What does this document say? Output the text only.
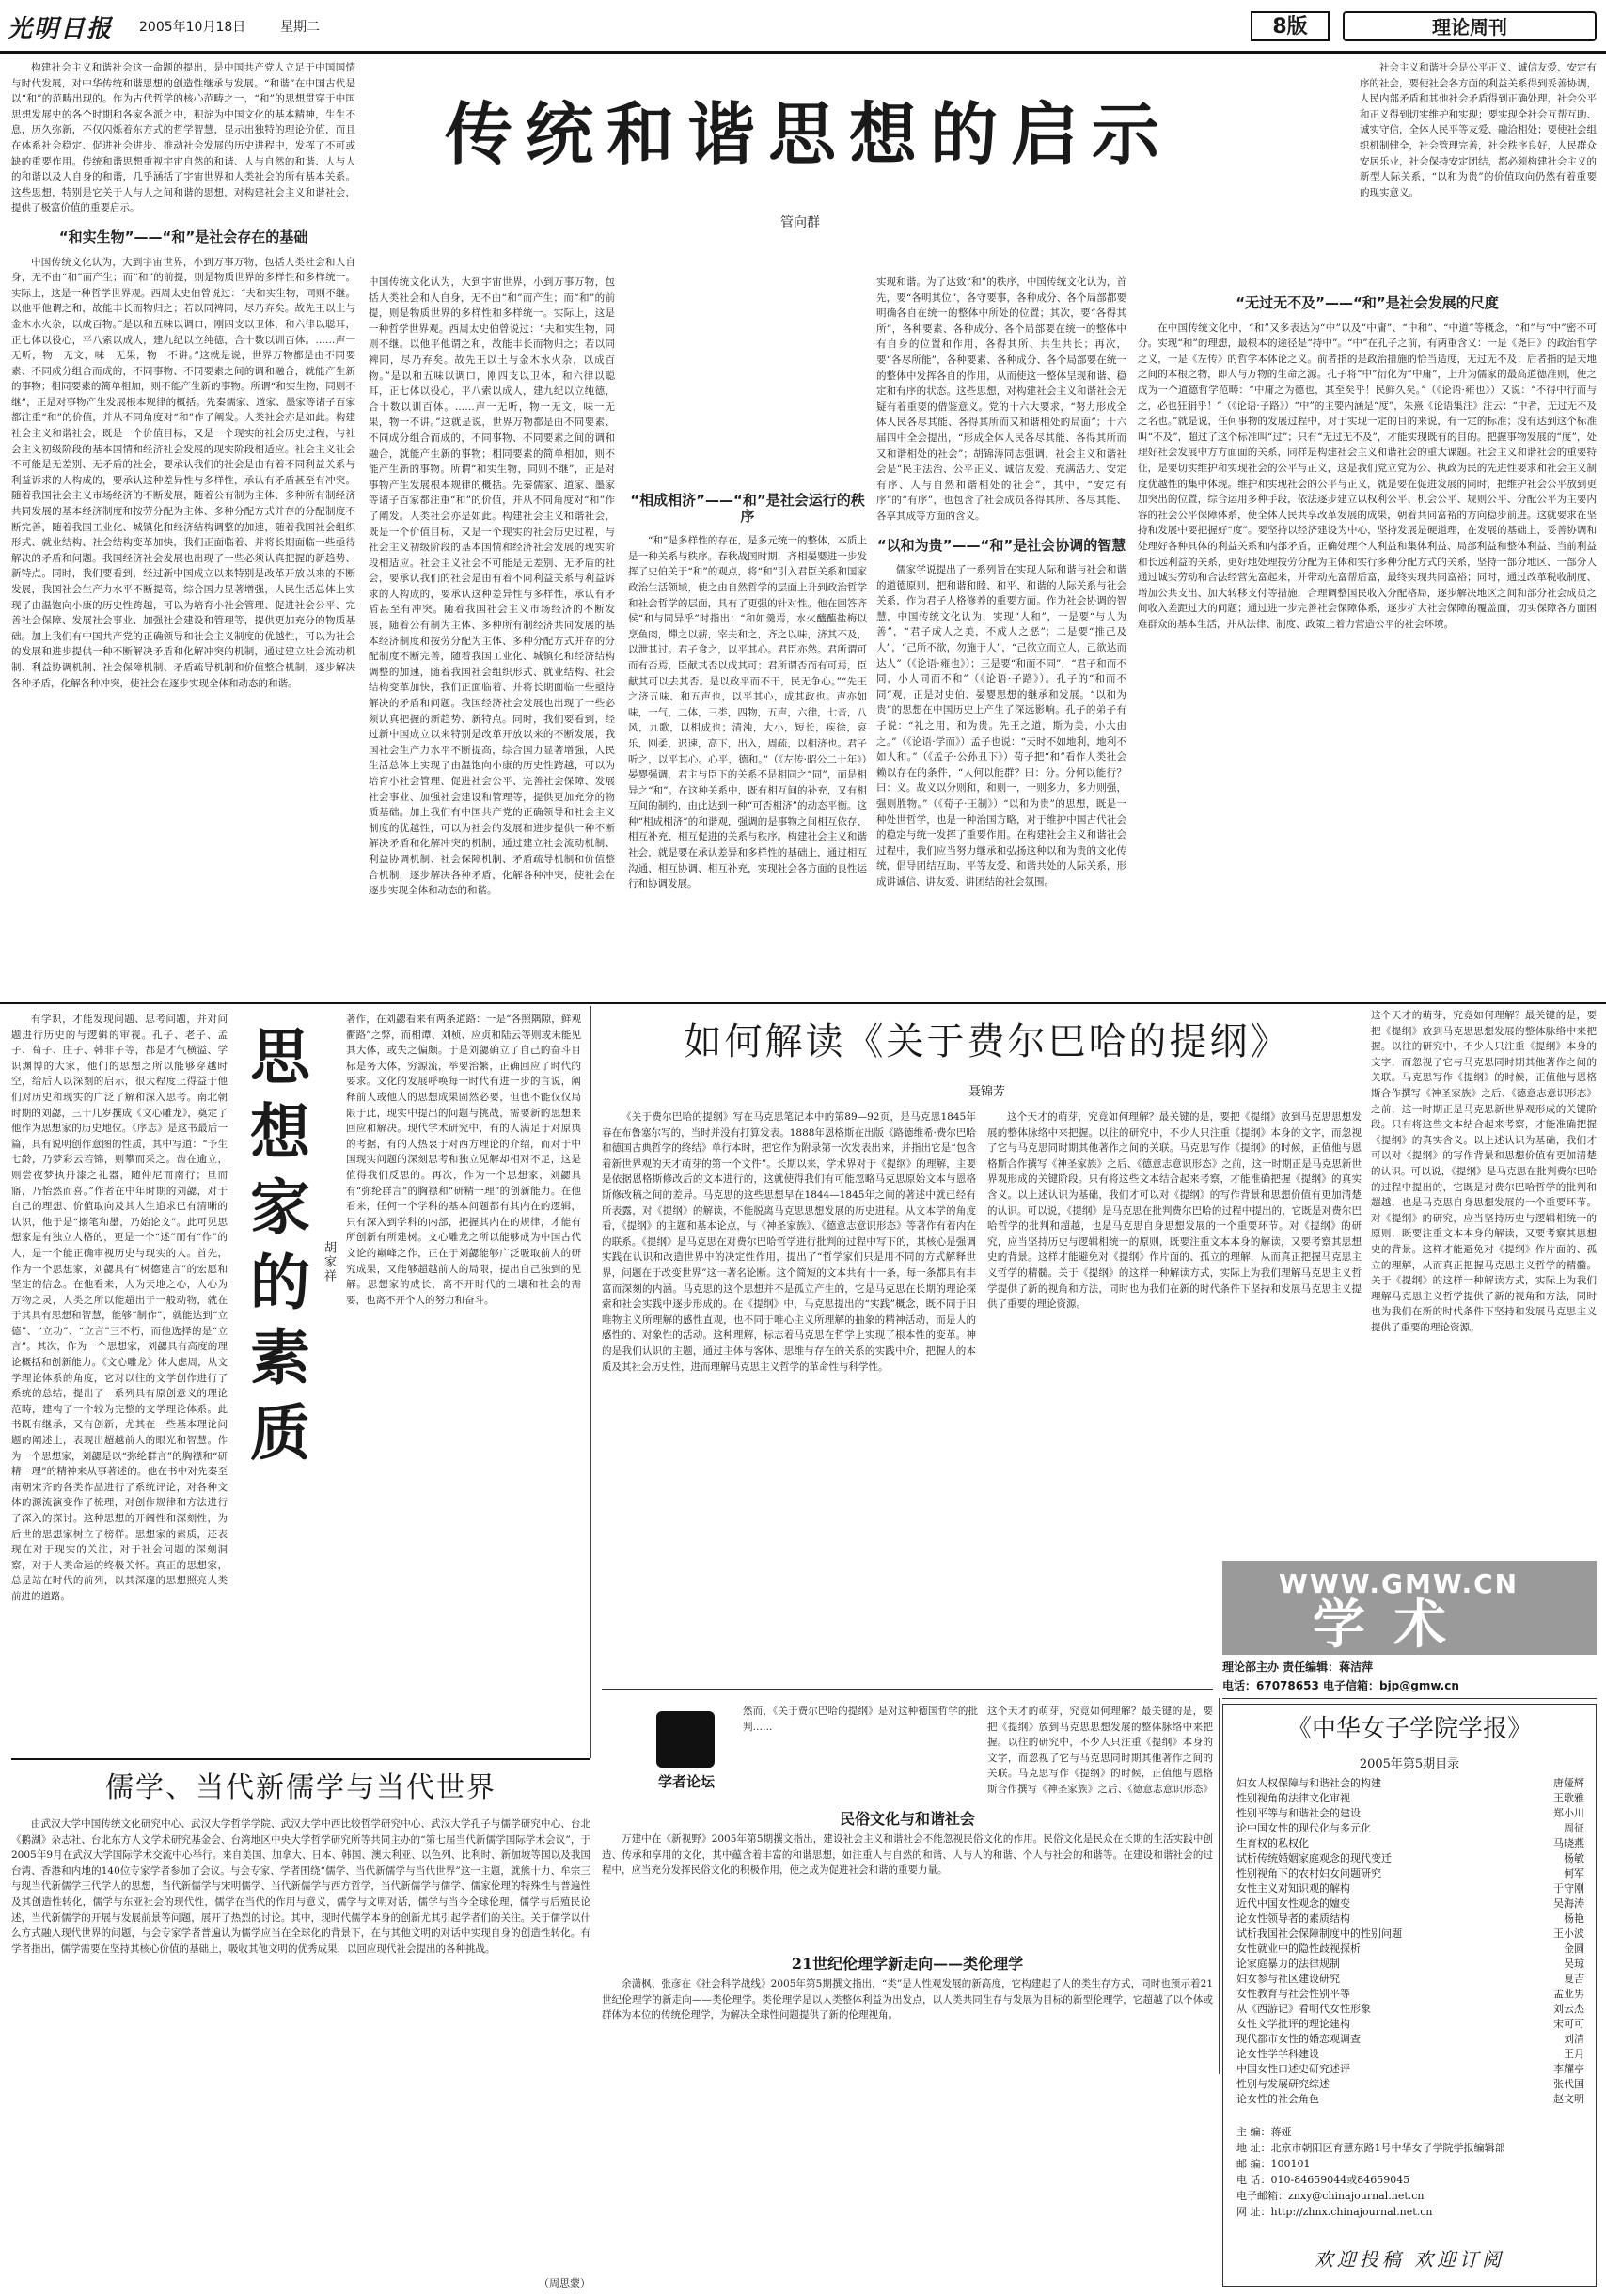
光明日报 2005年10月18日	星期二	8版	理论周刊
传统和谐思想的启示
管向群

构建社会主义和谐社会这一命题的提出，是中国共产党人立足于中国国情与时代发展，对中华传统和谐思想的创造性继承与发展。“和谐”在中国古代是以“和”的范畴出现的。作为古代哲学的核心范畴之一，“和”的思想贯穿于中国思想发展史的各个时期和各家各派之中，积淀为中国文化的基本精神，生生不息，历久弥新，不仅闪烁着东方式的哲学智慧，显示出独特的理论价值，而且在体系社会稳定、促进社会进步、推动社会发展的历史进程中，发挥了不可或缺的重要作用。传统和谐思想重视宇宙自然的和谐、人与自然的和谐、人与人的和谐以及人自身的和谐，几乎涵括了宇宙世界和人类社会的所有基本关系。这些思想，特别是它关于人与人之间和谐的思想，对构建社会主义和谐社会，提供了极富价值的重要启示。

“和实生物”——“和”是社会存在的基础

中国传统文化认为，大到宇宙世界，小到万事万物，包括人类社会和人自身，无不由“和”而产生；而“和”的前提，则是物质世界的多样性和多样统一。实际上，这是一种哲学世界观。西周太史伯曾说过：“夫和实生物，同则不继。以他平他谓之和，故能丰长而物归之；若以同裨同，尽乃弃矣。故先王以土与金木水火杂，以成百物。”是以和五味以调口，刚四支以卫体，和六律以聪耳，正七体以役心，平八索以成人，建九纪以立纯德，合十数以训百体。……声一无听，物一无文，味一无果，物一不讲。”这就是说，世界万物都是由不同要素、不同成分组合而成的，不同事物、不同要素之间的调和融合，就能产生新的事物；相同要素的简单相加，则不能产生新的事物。所谓“和实生物，同则不继”，正是对事物产生发展根本规律的概括。先秦儒家、道家、墨家等诸子百家都注重“和”的价值，并从不同角度对“和”作了阐发。人类社会亦是如此。构建社会主义和谐社会，既是一个价值目标，又是一个现实的社会历史过程，与社会主义初级阶段的基本国情和经济社会发展的现实阶段相适应。社会主义社会不可能是无差别、无矛盾的社会，要承认我们的社会是由有着不同利益关系与利益诉求的人构成的，要承认这种差异性与多样性，承认有矛盾甚至有冲突。随着我国社会主义市场经济的不断发展，随着公有制为主体、多种所有制经济共同发展的基本经济制度和按劳分配为主体、多种分配方式并存的分配制度不断完善，随着我国工业化、城镇化和经济结构调整的加速，随着我国社会组织形式、就业结构、社会结构变革加快，我们正面临着、并将长期面临一些亟待解决的矛盾和问题。我国经济社会发展也出现了一些必须认真把握的新趋势、新特点。同时，我们要看到，经过新中国成立以来特别是改革开放以来的不断发展，我国社会生产力水平不断提高，综合国力显著增强，人民生活总体上实现了由温饱向小康的历史性跨越，可以为培育小社会管理、促进社会公平、完善社会保障、发展社会事业、加强社会建设和管理等，提供更加充分的物质基础。加上我们有中国共产党的正确领导和社会主义制度的优越性，可以为社会的发展和进步提供一种不断解决矛盾和化解冲突的机制，通过建立社会流动机制、利益协调机制、社会保障机制、矛盾疏导机制和价值整合机制，逐步解决各种矛盾，化解各种冲突，使社会在逐步实现全体和动态的和谐。

中国传统文化认为，大到宇宙世界，小到万事万物，包括人类社会和人自身，无不由“和”而产生；而“和”的前提，则是物质世界的多样性和多样统一。实际上，这是一种哲学世界观。西周太史伯曾说过：“夫和实生物，同则不继。以他平他谓之和，故能丰长而物归之；若以同裨同，尽乃弃矣。故先王以土与金木水火杂，以成百物。”是以和五味以调口，刚四支以卫体，和六律以聪耳，正七体以役心，平八索以成人，建九纪以立纯德，合十数以训百体。……声一无听，物一无文，味一无果，物一不讲。”这就是说，世界万物都是由不同要素、不同成分组合而成的，不同事物、不同要素之间的调和融合，就能产生新的事物；相同要素的简单相加，则不能产生新的事物。所谓“和实生物，同则不继”，正是对事物产生发展根本规律的概括。先秦儒家、道家、墨家等诸子百家都注重“和”的价值，并从不同角度对“和”作了阐发。人类社会亦是如此。构建社会主义和谐社会，既是一个价值目标，又是一个现实的社会历史过程，与社会主义初级阶段的基本国情和经济社会发展的现实阶段相适应。社会主义社会不可能是无差别、无矛盾的社会，要承认我们的社会是由有着不同利益关系与利益诉求的人构成的，要承认这种差异性与多样性，承认有矛盾甚至有冲突。随着我国社会主义市场经济的不断发展，随着公有制为主体、多种所有制经济共同发展的基本经济制度和按劳分配为主体、多种分配方式并存的分配制度不断完善，随着我国工业化、城镇化和经济结构调整的加速，随着我国社会组织形式、就业结构、社会结构变革加快，我们正面临着、并将长期面临一些亟待解决的矛盾和问题。我国经济社会发展也出现了一些必须认真把握的新趋势、新特点。同时，我们要看到，经过新中国成立以来特别是改革开放以来的不断发展，我国社会生产力水平不断提高，综合国力显著增强，人民生活总体上实现了由温饱向小康的历史性跨越，可以为培育小社会管理、促进社会公平、完善社会保障、发展社会事业、加强社会建设和管理等，提供更加充分的物质基础。加上我们有中国共产党的正确领导和社会主义制度的优越性，可以为社会的发展和进步提供一种不断解决矛盾和化解冲突的机制，通过建立社会流动机制、利益协调机制、社会保障机制、矛盾疏导机制和价值整合机制，逐步解决各种矛盾，化解各种冲突，使社会在逐步实现全体和动态的和谐。

“相成相济”——“和”是社会运行的秩序

“和”是多样性的存在，是多元统一的整体，本质上是一种关系与秩序。春秋战国时期，齐相晏婴进一步发挥了史伯关于“和”的观点，将“和”引入君臣关系和国家政治生活领域，使之由自然哲学的层面上升到政治哲学和社会哲学的层面，具有了更强的针对性。他在回答齐侯“和与同异乎”时指出：“和如羹焉，水火醯醢盐梅以烹鱼肉，燀之以薪，宰夫和之，齐之以味，济其不及，以泄其过。君子食之，以平其心。君臣亦然。君所谓可而有否焉，臣献其否以成其可；君所谓否而有可焉，臣献其可以去其否。是以政平而不干，民无争心。”“先王之济五味、和五声也，以平其心，成其政也。声亦如味，一气，二体，三类，四物，五声，六律，七音，八风，九歌，以相成也；清浊，大小，短长，疾徐，哀乐，刚柔，迟速，高下，出入，周疏，以相济也。君子听之，以平其心。心平，德和。”（《左传·昭公二十年》）晏婴强调，君主与臣下的关系不是相同之“同”，而是相异之“和”。在这种关系中，既有相互间的补充，又有相互间的制约，由此达到一种“可否相济”的动态平衡。这种“相成相济”的和谐观，强调的是事物之间相互依存、相互补充、相互促进的关系与秩序。构建社会主义和谐社会，就是要在承认差异和多样性的基础上，通过相互沟通、相互协调、相互补充，实现社会各方面的良性运行和协调发展。

实现和谐。为了达致“和”的秩序，中国传统文化认为，首先，要“各明其位”，各守要事，各种成分、各个局部都要明确各自在统一的整体中所处的位置；其次，要“各得其所”，各种要素、各种成分、各个局部要在统一的整体中有自身的位置和作用，各得其所、共生共长；再次，要“各尽所能”，各种要素、各种成分、各个局部要在统一的整体中发挥各自的作用，从而使这一整体呈现和谐、稳定和有序的状态。这些思想，对构建社会主义和谐社会无疑有着重要的借鉴意义。党的十六大要求，“努力形成全体人民各尽其能、各得其所而又和谐相处的局面”；十六届四中全会提出，“形成全体人民各尽其能、各得其所而又和谐相处的社会”；胡锦涛同志强调，社会主义和谐社会是“民主法治、公平正义、诚信友爱、充满活力、安定有序、人与自然和谐相处的社会”，其中，“安定有序”的“有序”，也包含了社会成员各得其所、各尽其能、各享其成等方面的含义。

“以和为贵”——“和”是社会协调的智慧

儒家学说提出了一系列旨在实现人际和谐与社会和谐的道德原则，把和谐和睦、和平、和谐的人际关系与社会关系，作为君子人格修养的重要方面。作为社会协调的智慧，中国传统文化认为，实现“人和”，一是要“与人为善”，“君子成人之美，不成人之恶”；二是要“推己及人”，“己所不欲，勿施于人”，“己欲立而立人，己欲达而达人”（《论语·雍也》）；三是要“和而不同”，“君子和而不同，小人同而不和”（《论语·子路》）。孔子的“和而不同”观，正是对史伯、晏婴思想的继承和发展。“以和为贵”的思想在中国历史上产生了深远影响。孔子的弟子有子说：“礼之用，和为贵。先王之道，斯为美，小大由之。”（《论语·学而》）孟子也说：“天时不如地利，地利不如人和。”（《孟子·公孙丑下》）荀子把“和”看作人类社会赖以存在的条件，“人何以能群？曰：分。分何以能行？曰：义。故义以分则和，和则一，一则多力，多力则强，强则胜物。”（《荀子·王制》）“以和为贵”的思想，既是一种处世哲学，也是一种治国方略，对于维护中国古代社会的稳定与统一发挥了重要作用。在构建社会主义和谐社会过程中，我们应当努力继承和弘扬这种以和为贵的文化传统，倡导团结互助、平等友爱、和谐共处的人际关系，形成讲诚信、讲友爱、讲团结的社会氛围。

社会主义和谐社会是公平正义、诚信友爱、安定有序的社会，要使社会各方面的利益关系得到妥善协调，人民内部矛盾和其他社会矛盾得到正确处理，社会公平和正义得到切实维护和实现；要实现全社会互帮互助、诚实守信，全体人民平等友爱、融洽相处；要使社会组织机制健全，社会管理完善，社会秩序良好，人民群众安居乐业，社会保持安定团结，都必须构建社会主义的新型人际关系，“以和为贵”的价值取向仍然有着重要的现实意义。

“无过无不及”——“和”是社会发展的尺度

在中国传统文化中，“和”又多表达为“中”以及“中庸”、“中和”、“中道”等概念，“和”与“中”密不可分。实现“和”的理想，最根本的途径是“持中”。“中”在孔子之前，有两重含义：一是《尧曰》的政治哲学之义，一是《左传》的哲学本体论之义。前者指的是政治措施的恰当适度，无过无不及；后者指的是天地之间的本根之物，即人与万物的生命之源。孔子将“中”衍化为“中庸”，上升为儒家的最高道德准则，使之成为一个道德哲学范畴：“中庸之为德也，其至矣乎！民鲜久矣。”（《论语·雍也》）又说：“不得中行而与之，必也狂狷乎！”（《论语·子路》）“中”的主要内涵是“度”，朱熹《论语集注》注云：“中者，无过无不及之名也。”就是说，任何事物的发展过程中，对于实现一定的目的来说，有一定的标准；没有达到这个标准叫“不及”，超过了这个标准叫“过”；只有“无过无不及”，才能实现既有的目的。把握事物发展的“度”，处理好社会发展中方方面面的关系，同样是构建社会主义和谐社会的重大课题。社会主义和谐社会的重要特征，是要切实维护和实现社会的公平与正义，这是我们党立党为公、执政为民的先进性要求和社会主义制度优越性的集中体现。维护和实现社会的公平与正义，就是要在促进发展的同时，把维护社会公平放到更加突出的位置，综合运用多种手段，依法逐步建立以权利公平、机会公平、规则公平、分配公平为主要内容的社会公平保障体系，使全体人民共享改革发展的成果，朝着共同富裕的方向稳步前进。这就要求在坚持和发展中要把握好“度”。要坚持以经济建设为中心，坚持发展是硬道理，在发展的基础上，妥善协调和处理好各种具体的利益关系和内部矛盾，正确处理个人利益和集体利益、局部利益和整体利益、当前利益和长远利益的关系，更好地处理按劳分配为主体和实行多种分配方式的关系，坚持一部分地区、一部分人通过诚实劳动和合法经营先富起来，并带动先富帮后富，最终实现共同富裕；同时，通过改革税收制度、增加公共支出、加大转移支付等措施，合理调整国民收入分配格局，逐步解决地区之间和部分社会成员之间收入差距过大的问题；通过进一步完善社会保障体系，逐步扩大社会保障的覆盖面，切实保障各方面困难群众的基本生活，并从法律、制度、政策上着力营造公平的社会环境。

有学识，才能发现问题、思考问题，并对问题进行历史的与逻辑的审视。孔子、老子、孟子、荀子、庄子、韩非子等，都是才气横溢、学识渊博的大家，他们的思想之所以能够穿越时空，给后人以深刻的启示，很大程度上得益于他们对历史和现实的广泛了解和深入思考。南北朝时期的刘勰，三十几岁撰成《文心雕龙》，奠定了他作为思想家的历史地位。《序志》是这书最后一篇，具有说明创作意图的性质，其中写道：“予生七龄，乃梦彩云若锦，则攀而采之。齿在逾立，则尝夜梦执丹漆之礼器，随仲尼而南行；旦而寤，乃怡然而喜。”作者在中年时期的刘勰，对于自己的理想、价值取向及其人生追求已有清晰的认识，他于是“搦笔和墨，乃始论文”。此可见思想家是有独立人格的，更是一个“述”而有“作”的人，是一个能正确审视历史与现实的人。首先，作为一个思想家，刘勰具有“树德建言”的宏愿和坚定的信念。在他看来，人为天地之心，人心为万物之灵，人类之所以能超出于一般动物，就在于其具有思想和智慧，能够“制作”，就能达到“立德”、“立功”、“立言”三不朽，而他选择的是“立言”。其次，作为一个思想家，刘勰具有高度的理论概括和创新能力。《文心雕龙》体大虑周，从文学理论体系的角度，它对以往的文学创作进行了系统的总结，提出了一系列具有原创意义的理论范畴，建构了一个较为完整的文学理论体系。此书既有继承，又有创新，尤其在一些基本理论问题的阐述上，表现出超越前人的眼光和智慧。作为一个思想家，刘勰是以“弥纶群言”的胸襟和“研精一理”的精神来从事著述的。他在书中对先秦至南朝宋齐的各类作品进行了系统评论，对各种文体的源流演变作了梳理，对创作规律和方法进行了深入的探讨。这种思想的开阔性和深刻性，为后世的思想家树立了榜样。思想家的素质，还表现在对于现实的关注，对于社会问题的深刻洞察，对于人类命运的终极关怀。真正的思想家，总是站在时代的前列，以其深邃的思想照亮人类前进的道路。

思想家的素质 胡家祥

著作，在刘勰看来有两条道路：一是“各照隅隙，鲜观衢路”之弊，而相谭、刘桢、应贞和陆云等则或未能见其大体，或失之偏颇。于是刘勰确立了自己的奋斗目标是务大体，穷源流，举要治繁，正确回应了时代的要求。文化的发展呼唤每一时代有进一步的言说，阐释前人或他人的思想成果固然必要，但也不能仅仅局限于此，现实中提出的问题与挑战，需要新的思想来回应和解决。现代学术研究中，有的人满足于对原典的考据，有的人热衷于对西方理论的介绍，而对于中国现实问题的深刻思考和独立见解却相对不足，这是值得我们反思的。再次，作为一个思想家，刘勰具有“弥纶群言”的胸襟和“研精一理”的创新能力。在他看来，任何一个学科的基本问题都有其内在的逻辑，只有深入到学科的内部，把握其内在的规律，才能有所创新有所建树。文心雕龙之所以能够成为中国古代文论的巅峰之作，正在于刘勰能够广泛吸取前人的研究成果，又能够超越前人的局限，提出自己独到的见解。思想家的成长，离不开时代的土壤和社会的需要，也离不开个人的努力和奋斗。

如何解读《关于费尔巴哈的提纲》
聂锦芳

《关于费尔巴哈的提纲》写在马克思笔记本中的第89—92页，是马克思1845年春在布鲁塞尔写的，当时并没有打算发表。1888年恩格斯在出版《路德维希·费尔巴哈和德国古典哲学的终结》单行本时，把它作为附录第一次发表出来，并指出它是“包含着新世界观的天才萌芽的第一个文件”。长期以来，学术界对于《提纲》的理解，主要是依据恩格斯修改后的文本进行的，这就使得我们有可能忽略马克思原始文本与恩格斯修改稿之间的差异。马克思的这些思想早在1844—1845年之间的著述中就已经有所表露，对《提纲》的解读，不能脱离马克思思想发展的历史进程。从文本学的角度看，《提纲》的主题和基本论点，与《神圣家族》、《德意志意识形态》等著作有着内在的联系。《提纲》是马克思在对费尔巴哈哲学进行批判的过程中写下的，其核心是强调实践在认识和改造世界中的决定性作用，提出了“哲学家们只是用不同的方式解释世界，问题在于改变世界”这一著名论断。这个简短的文本共有十一条，每一条都具有丰富而深刻的内涵。马克思的这个思想并不是孤立产生的，它是马克思在长期的理论探索和社会实践中逐步形成的。在《提纲》中，马克思提出的“实践”概念，既不同于旧唯物主义所理解的感性直观，也不同于唯心主义所理解的抽象的精神活动，而是人的感性的、对象性的活动。这种理解，标志着马克思在哲学上实现了根本性的变革。神的是我们认识的主题，通过主体与客体、思维与存在的关系的实践中介，把握人的本质及其社会历史性，进而理解马克思主义哲学的革命性与科学性。

这个天才的萌芽，究竟如何理解？最关键的是，要把《提纲》放到马克思思想发展的整体脉络中来把握。以往的研究中，不少人只注重《提纲》本身的文字，而忽视了它与马克思同时期其他著作之间的关联。马克思写作《提纲》的时候，正值他与恩格斯合作撰写《神圣家族》之后、《德意志意识形态》之前，这一时期正是马克思新世界观形成的关键阶段。只有将这些文本结合起来考察，才能准确把握《提纲》的真实含义。以上述认识为基础，我们才可以对《提纲》的写作背景和思想价值有更加清楚的认识。可以说，《提纲》是马克思在批判费尔巴哈的过程中提出的，它既是对费尔巴哈哲学的批判和超越，也是马克思自身思想发展的一个重要环节。对《提纲》的研究，应当坚持历史与逻辑相统一的原则，既要注重文本本身的解读，又要考察其思想史的背景。这样才能避免对《提纲》作片面的、孤立的理解，从而真正把握马克思主义哲学的精髓。关于《提纲》的这样一种解读方式，实际上为我们理解马克思主义哲学提供了新的视角和方法，同时也为我们在新的时代条件下坚持和发展马克思主义提供了重要的理论资源。

这个天才的萌芽，究竟如何理解？最关键的是，要把《提纲》放到马克思思想发展的整体脉络中来把握。以往的研究中，不少人只注重《提纲》本身的文字，而忽视了它与马克思同时期其他著作之间的关联。马克思写作《提纲》的时候，正值他与恩格斯合作撰写《神圣家族》之后、《德意志意识形态》之前，这一时期正是马克思新世界观形成的关键阶段。只有将这些文本结合起来考察，才能准确把握《提纲》的真实含义。以上述认识为基础，我们才可以对《提纲》的写作背景和思想价值有更加清楚的认识。可以说，《提纲》是马克思在批判费尔巴哈的过程中提出的，它既是对费尔巴哈哲学的批判和超越，也是马克思自身思想发展的一个重要环节。对《提纲》的研究，应当坚持历史与逻辑相统一的原则，既要注重文本本身的解读，又要考察其思想史的背景。这样才能避免对《提纲》作片面的、孤立的理解，从而真正把握马克思主义哲学的精髓。关于《提纲》的这样一种解读方式，实际上为我们理解马克思主义哲学提供了新的视角和方法，同时也为我们在新的时代条件下坚持和发展马克思主义提供了重要的理论资源。

WWW.GMW.CN
学术
理论部主办 责任编辑：蒋洁萍
电话：67078653 电子信箱：bjp@gmw.cn
学者论坛

然而，《关于费尔巴哈的提纲》是对这种德国哲学的批判……

这个天才的萌芽，究竟如何理解？最关键的是，要把《提纲》放到马克思思想发展的整体脉络中来把握。以往的研究中，不少人只注重《提纲》本身的文字，而忽视了它与马克思同时期其他著作之间的关联。马克思写作《提纲》的时候，正值他与恩格斯合作撰写《神圣家族》之后、《德意志意识形态》

民俗文化与和谐社会

万建中在《新视野》2005年第5期撰文指出，建设社会主义和谐社会不能忽视民俗文化的作用。民俗文化是民众在长期的生活实践中创造、传承和享用的文化，其中蕴含着丰富的和谐思想，如注重人与自然的和谐、人与人的和谐、个人与社会的和谐等。在建设和谐社会的过程中，应当充分发挥民俗文化的积极作用，使之成为促进社会和谐的重要力量。

21世纪伦理学新走向——类伦理学

余潇枫、张彦在《社会科学战线》2005年第5期撰文指出，“类”是人性观发展的新高度，它构建起了人的类生存方式，同时也预示着21世纪伦理学的新走向——类伦理学。类伦理学是以人类整体利益为出发点，以人类共同生存与发展为目标的新型伦理学，它超越了以个体或群体为本位的传统伦理学，为解决全球性问题提供了新的伦理视角。

儒学、当代新儒学与当代世界

由武汉大学中国传统文化研究中心、武汉大学哲学学院、武汉大学中西比较哲学研究中心、武汉大学孔子与儒学研究中心、台北《鹅湖》杂志社、台北东方人文学术研究基金会、台湾地区中央大学哲学研究所等共同主办的“第七届当代新儒学国际学术会议”，于2005年9月在武汉大学国际学术交流中心举行。来自美国、加拿大、日本、韩国、澳大利亚、以色列、比利时、新加坡等国以及我国台湾、香港和内地的140位专家学者参加了会议。与会专家、学者围绕“儒学、当代新儒学与当代世界”这一主题，就熊十力、牟宗三与现当代新儒学三代学人的思想，当代新儒学与宋明儒学、当代新儒学与西方哲学，当代新儒学与儒学、儒家伦理的特殊性与普遍性及其创造性转化，儒学与东亚社会的现代性，儒学在当代的作用与意义，儒学与文明对话，儒学与当今全球伦理，儒学与后殖民论述，当代新儒学的开展与发展前景等问题，展开了热烈的讨论。其中，现时代儒学本身的创新尤其引起学者们的关注。关于儒学以什么方式融入现代世界的问题，与会专家学者普遍认为儒学应当在全球化的背景下，在与其他文明的对话中实现自身的创造性转化。有学者指出，儒学需要在坚持其核心价值的基础上，吸收其他文明的优秀成果，以回应现代社会提出的各种挑战。

（周思蒙）
《中华女子学院学报》
2005年第5期目录
妇女人权保障与和谐社会的构建	唐娅辉
性别视角的法律文化审视	王歌雅
性别平等与和谐社会的建设	郑小川
论中国女性的现代化与多元化	周征
生育权的私权化	马晓燕
试析传统婚姻家庭观念的现代变迁	杨敏
性别视角下的农村妇女问题研究	何军
女性主义对知识观的解构	于守刚
近代中国女性观念的嬗变	吴海涛
论女性领导者的素质结构	杨艳
试析我国社会保障制度中的性别问题	王小波
女性就业中的隐性歧视探析	金圆
论家庭暴力的法律规制	吴琼
妇女参与社区建设研究	夏吉
女性教育与社会性别平等	孟亚男
从《西游记》看明代女性形象	刘云杰
女性文学批评的理论建构	宋可可
现代都市女性的婚恋观调查	刘清
论女性学学科建设	王月
中国女性口述史研究述评	李耀亭
性别与发展研究综述	张代国
论女性的社会角色	赵文明
主 编：蒋娅
地 址：北京市朝阳区育慧东路1号中华女子学院学报编辑部
邮 编：100101
电 话：010-84659044或84659045
电子邮箱：znxy@chinajournal.net.cn
网 址：http://zhnx.chinajournal.net.cn
欢迎投稿 欢迎订阅
